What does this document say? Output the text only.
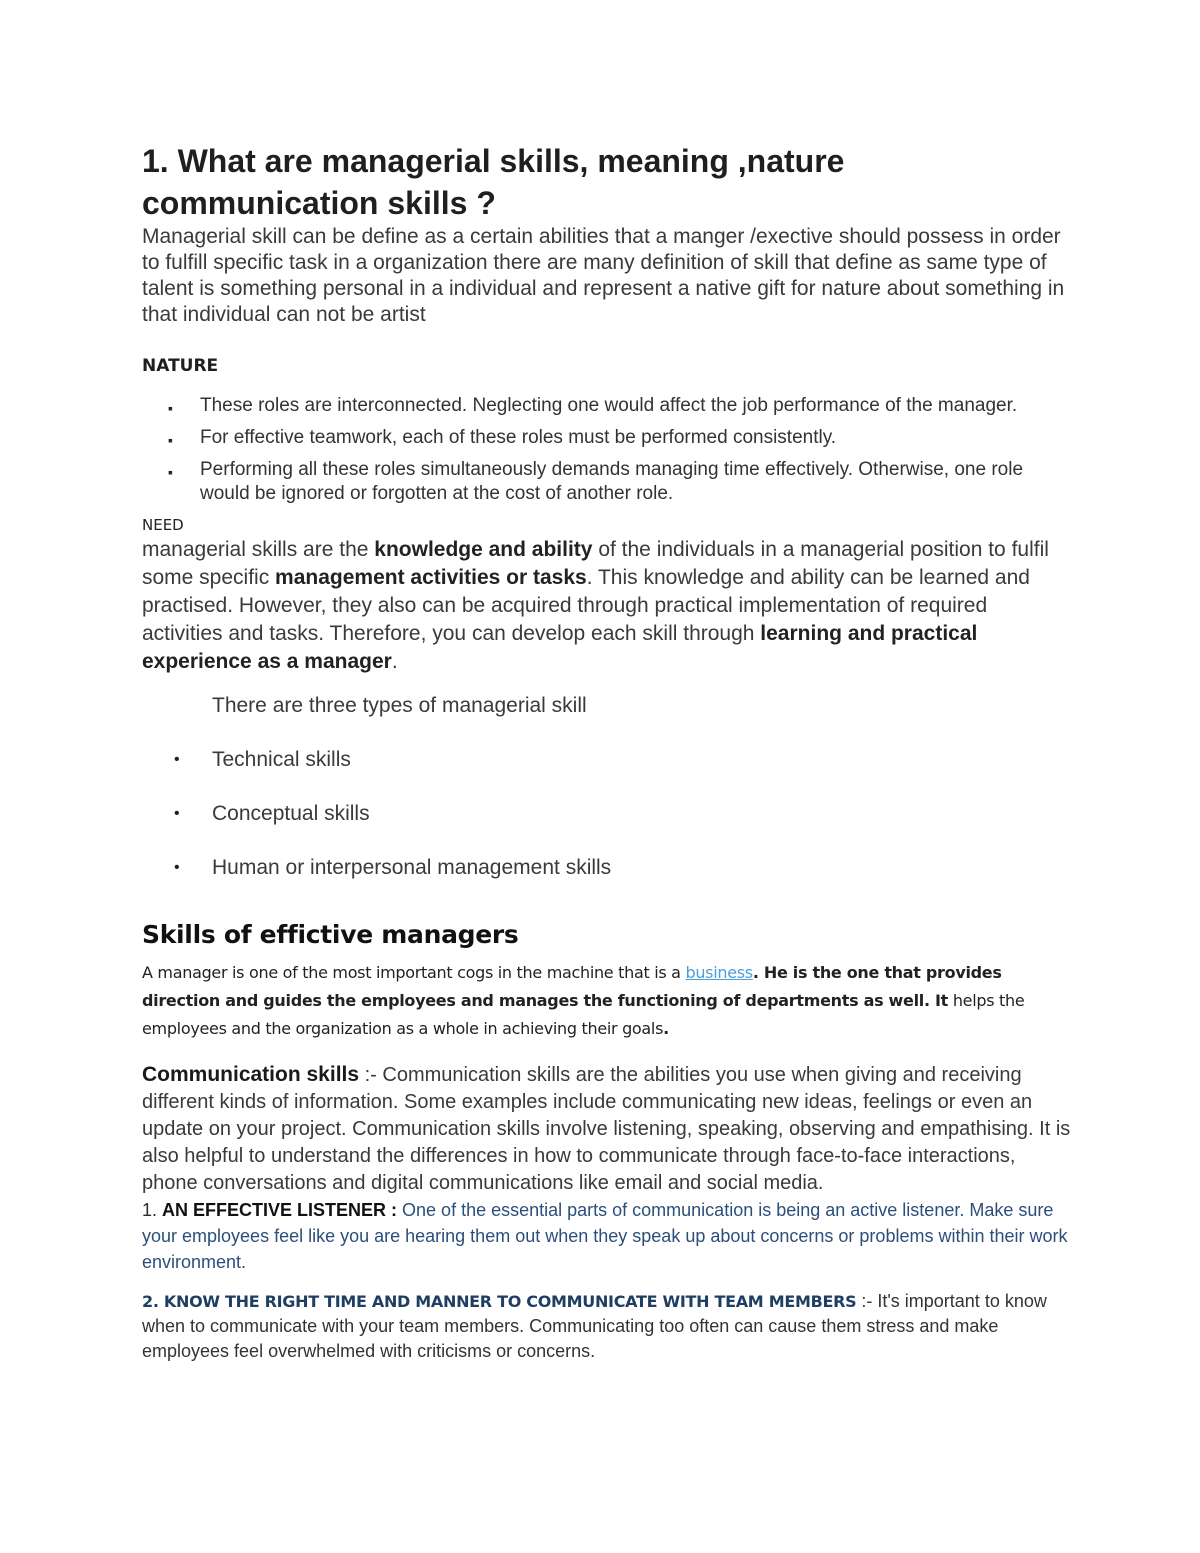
1. What are managerial skills, meaning ,nature communication skills ?

Managerial skill can be define as a certain abilities that a manger /exective should possess in order to fulfill specific task in a organization there are many definition of skill that define as same type of talent is something personal in a individual and represent a native gift for nature about something in that individual can not be artist

NATURE
▪ These roles are interconnected. Neglecting one would affect the job performance of the manager.
▪ For effective teamwork, each of these roles must be performed consistently.
▪ Performing all these roles simultaneously demands managing time effectively. Otherwise, one role would be ignored or forgotten at the cost of another role.
NEED

managerial skills are the knowledge and ability of the individuals in a managerial position to fulfil some specific management activities or tasks. This knowledge and ability can be learned and practised. However, they also can be acquired through practical implementation of required activities and tasks. Therefore, you can develop each skill through learning and practical experience as a manager.

There are three types of managerial skill

• Technical skills
• Conceptual skills
• Human or interpersonal management skills
Skills of effictive managers

A manager is one of the most important cogs in the machine that is a business. He is the one that provides direction and guides the employees and manages the functioning of departments as well. It helps the employees and the organization as a whole in achieving their goals.

Communication skills :- Communication skills are the abilities you use when giving and receiving different kinds of information. Some examples include communicating new ideas, feelings or even an update on your project. Communication skills involve listening, speaking, observing and empathising. It is also helpful to understand the differences in how to communicate through face-to-face interactions, phone conversations and digital communications like email and social media.

1. AN EFFECTIVE LISTENER : One of the essential parts of communication is being an active listener. Make sure your employees feel like you are hearing them out when they speak up about concerns or problems within their work environment.

2. KNOW THE RIGHT TIME AND MANNER TO COMMUNICATE WITH TEAM MEMBERS :- It's important to know when to communicate with your team members. Communicating too often can cause them stress and make employees feel overwhelmed with criticisms or concerns.
